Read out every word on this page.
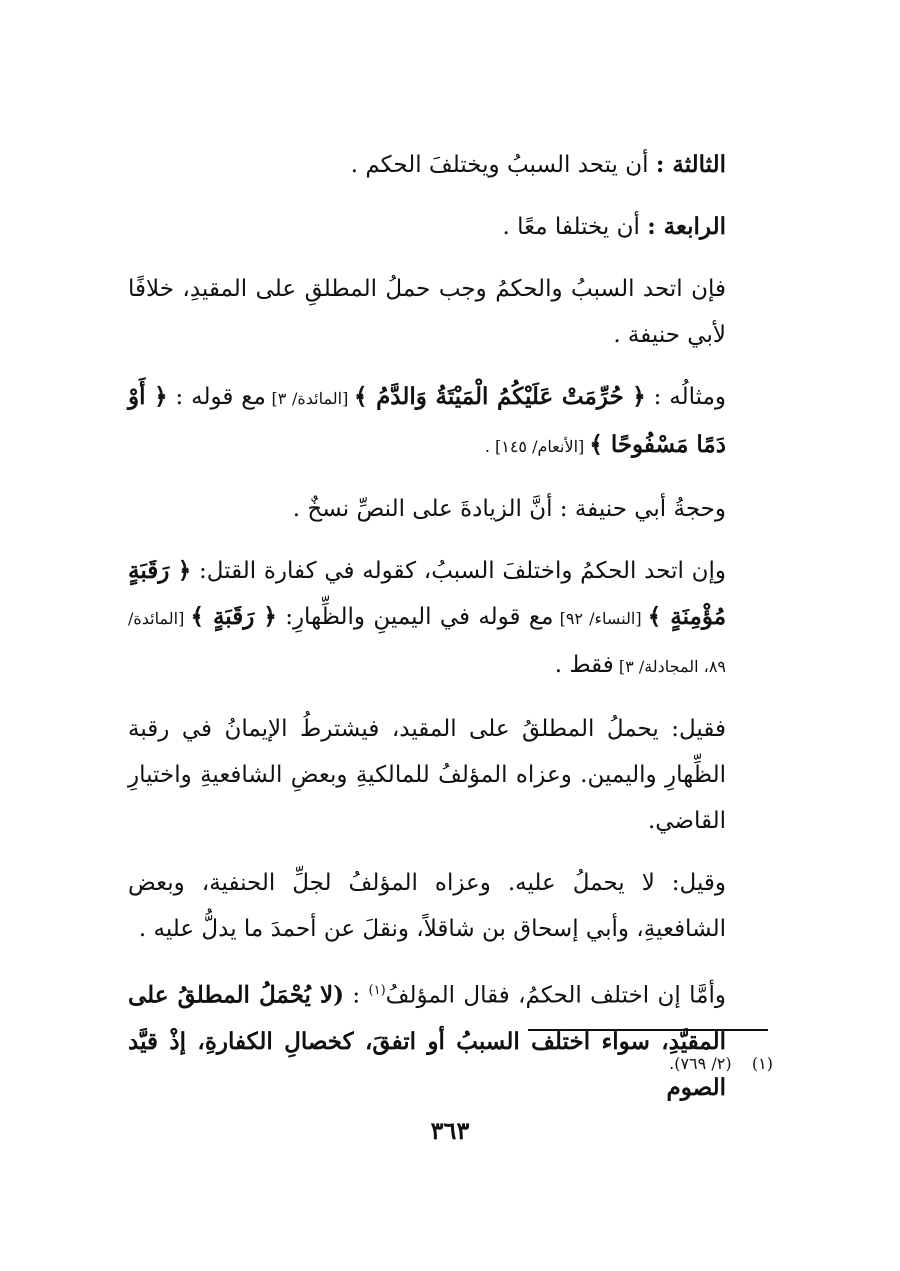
الثالثة : أن يتحد السببُ ويختلفَ الحكم .

الرابعة : أن يختلفا معًا .

فإن اتحد السببُ والحكمُ وجب حملُ المطلقِ على المقيدِ، خلافًا لأبي حنيفة .

ومثالُه : ﴿ حُرِّمَتْ عَلَيْكُمُ الْمَيْتَةُ وَالدَّمُ ﴾ [المائدة/ ٣] مع قوله : ﴿ أَوْ دَمًا مَسْفُوحًا ﴾ [الأنعام/ ١٤٥] .

وحجةُ أبي حنيفة : أنَّ الزيادةَ على النصِّ نسخٌ .

وإن اتحد الحكمُ واختلفَ السببُ، كقوله في كفارة القتل: ﴿ رَقَبَةٍ مُؤْمِنَةٍ ﴾ [النساء/ ٩٢] مع قوله في اليمينِ والظِّهارِ: ﴿ رَقَبَةٍ ﴾ [المائدة/ ٨٩، المجادلة/ ٣] فقط .

فقيل: يحملُ المطلقُ على المقيد، فيشترطُ الإيمانُ في رقبة الظِّهارِ واليمين. وعزاه المؤلفُ للمالكيةِ وبعضِ الشافعيةِ واختيارِ القاضي.

وقيل: لا يحملُ عليه. وعزاه المؤلفُ لجلِّ الحنفية، وبعض الشافعيةِ، وأبي إسحاق بن شاقلاً، ونقلَ عن أحمدَ ما يدلُّ عليه .

وأمَّا إن اختلف الحكمُ، فقال المؤلفُ$^{(١)}$ : (لا يُحْمَلُ المطلقُ على المقيَّدِ، سواء اختلف السببُ أو اتفقَ، كخصالِ الكفارةِ، إذْ قيَّد الصوم

(١)    (٢/ ٧٦٩).
٣٦٣
